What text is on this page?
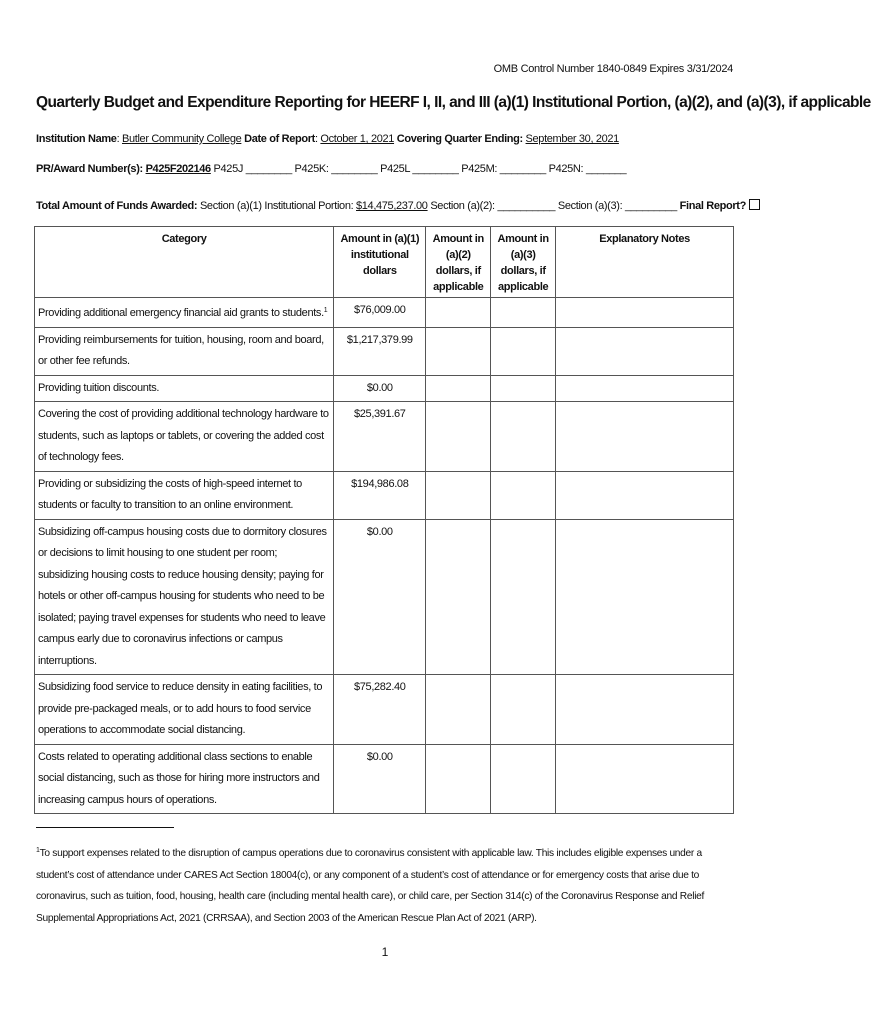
OMB Control Number 1840-0849 Expires 3/31/2024
Quarterly Budget and Expenditure Reporting for HEERF I, II, and III (a)(1) Institutional Portion, (a)(2), and (a)(3), if applicable
Institution Name: Butler Community College Date of Report: October 1, 2021 Covering Quarter Ending: September 30, 2021
PR/Award Number(s): P425F202146 P425J ________ P425K: ________ P425L ________ P425M: ________ P425N: _______
Total Amount of Funds Awarded: Section (a)(1) Institutional Portion: $14,475,237.00 Section (a)(2): __________ Section (a)(3): _________ Final Report?
Category	Amount in (a)(1) institutional dollars	Amount in (a)(2) dollars, if applicable	Amount in (a)(3) dollars, if applicable	Explanatory Notes
Providing additional emergency financial aid grants to students.$^1$	$76,009.00			
Providing reimbursements for tuition, housing, room and board, or other fee refunds.	$1,217,379.99			
Providing tuition discounts.	$0.00			
Covering the cost of providing additional technology hardware to students, such as laptops or tablets, or covering the added cost of technology fees.	$25,391.67			
Providing or subsidizing the costs of high-speed internet to students or faculty to transition to an online environment.	$194,986.08			
Subsidizing off-campus housing costs due to dormitory closures or decisions to limit housing to one student per room; subsidizing housing costs to reduce housing density; paying for hotels or other off-campus housing for students who need to be isolated; paying travel expenses for students who need to leave campus early due to coronavirus infections or campus interruptions.	$0.00			
Subsidizing food service to reduce density in eating facilities, to provide pre-packaged meals, or to add hours to food service operations to accommodate social distancing.	$75,282.40			
Costs related to operating additional class sections to enable social distancing, such as those for hiring more instructors and increasing campus hours of operations.	$0.00			
$^1$To support expenses related to the disruption of campus operations due to coronavirus consistent with applicable law. This includes eligible expenses under a student’s cost of attendance under CARES Act Section 18004(c), or any component of a student’s cost of attendance or for emergency costs that arise due to coronavirus, such as tuition, food, housing, health care (including mental health care), or child care, per Section 314(c) of the Coronavirus Response and Relief Supplemental Appropriations Act, 2021 (CRRSAA), and Section 2003 of the American Rescue Plan Act of 2021 (ARP).
1
